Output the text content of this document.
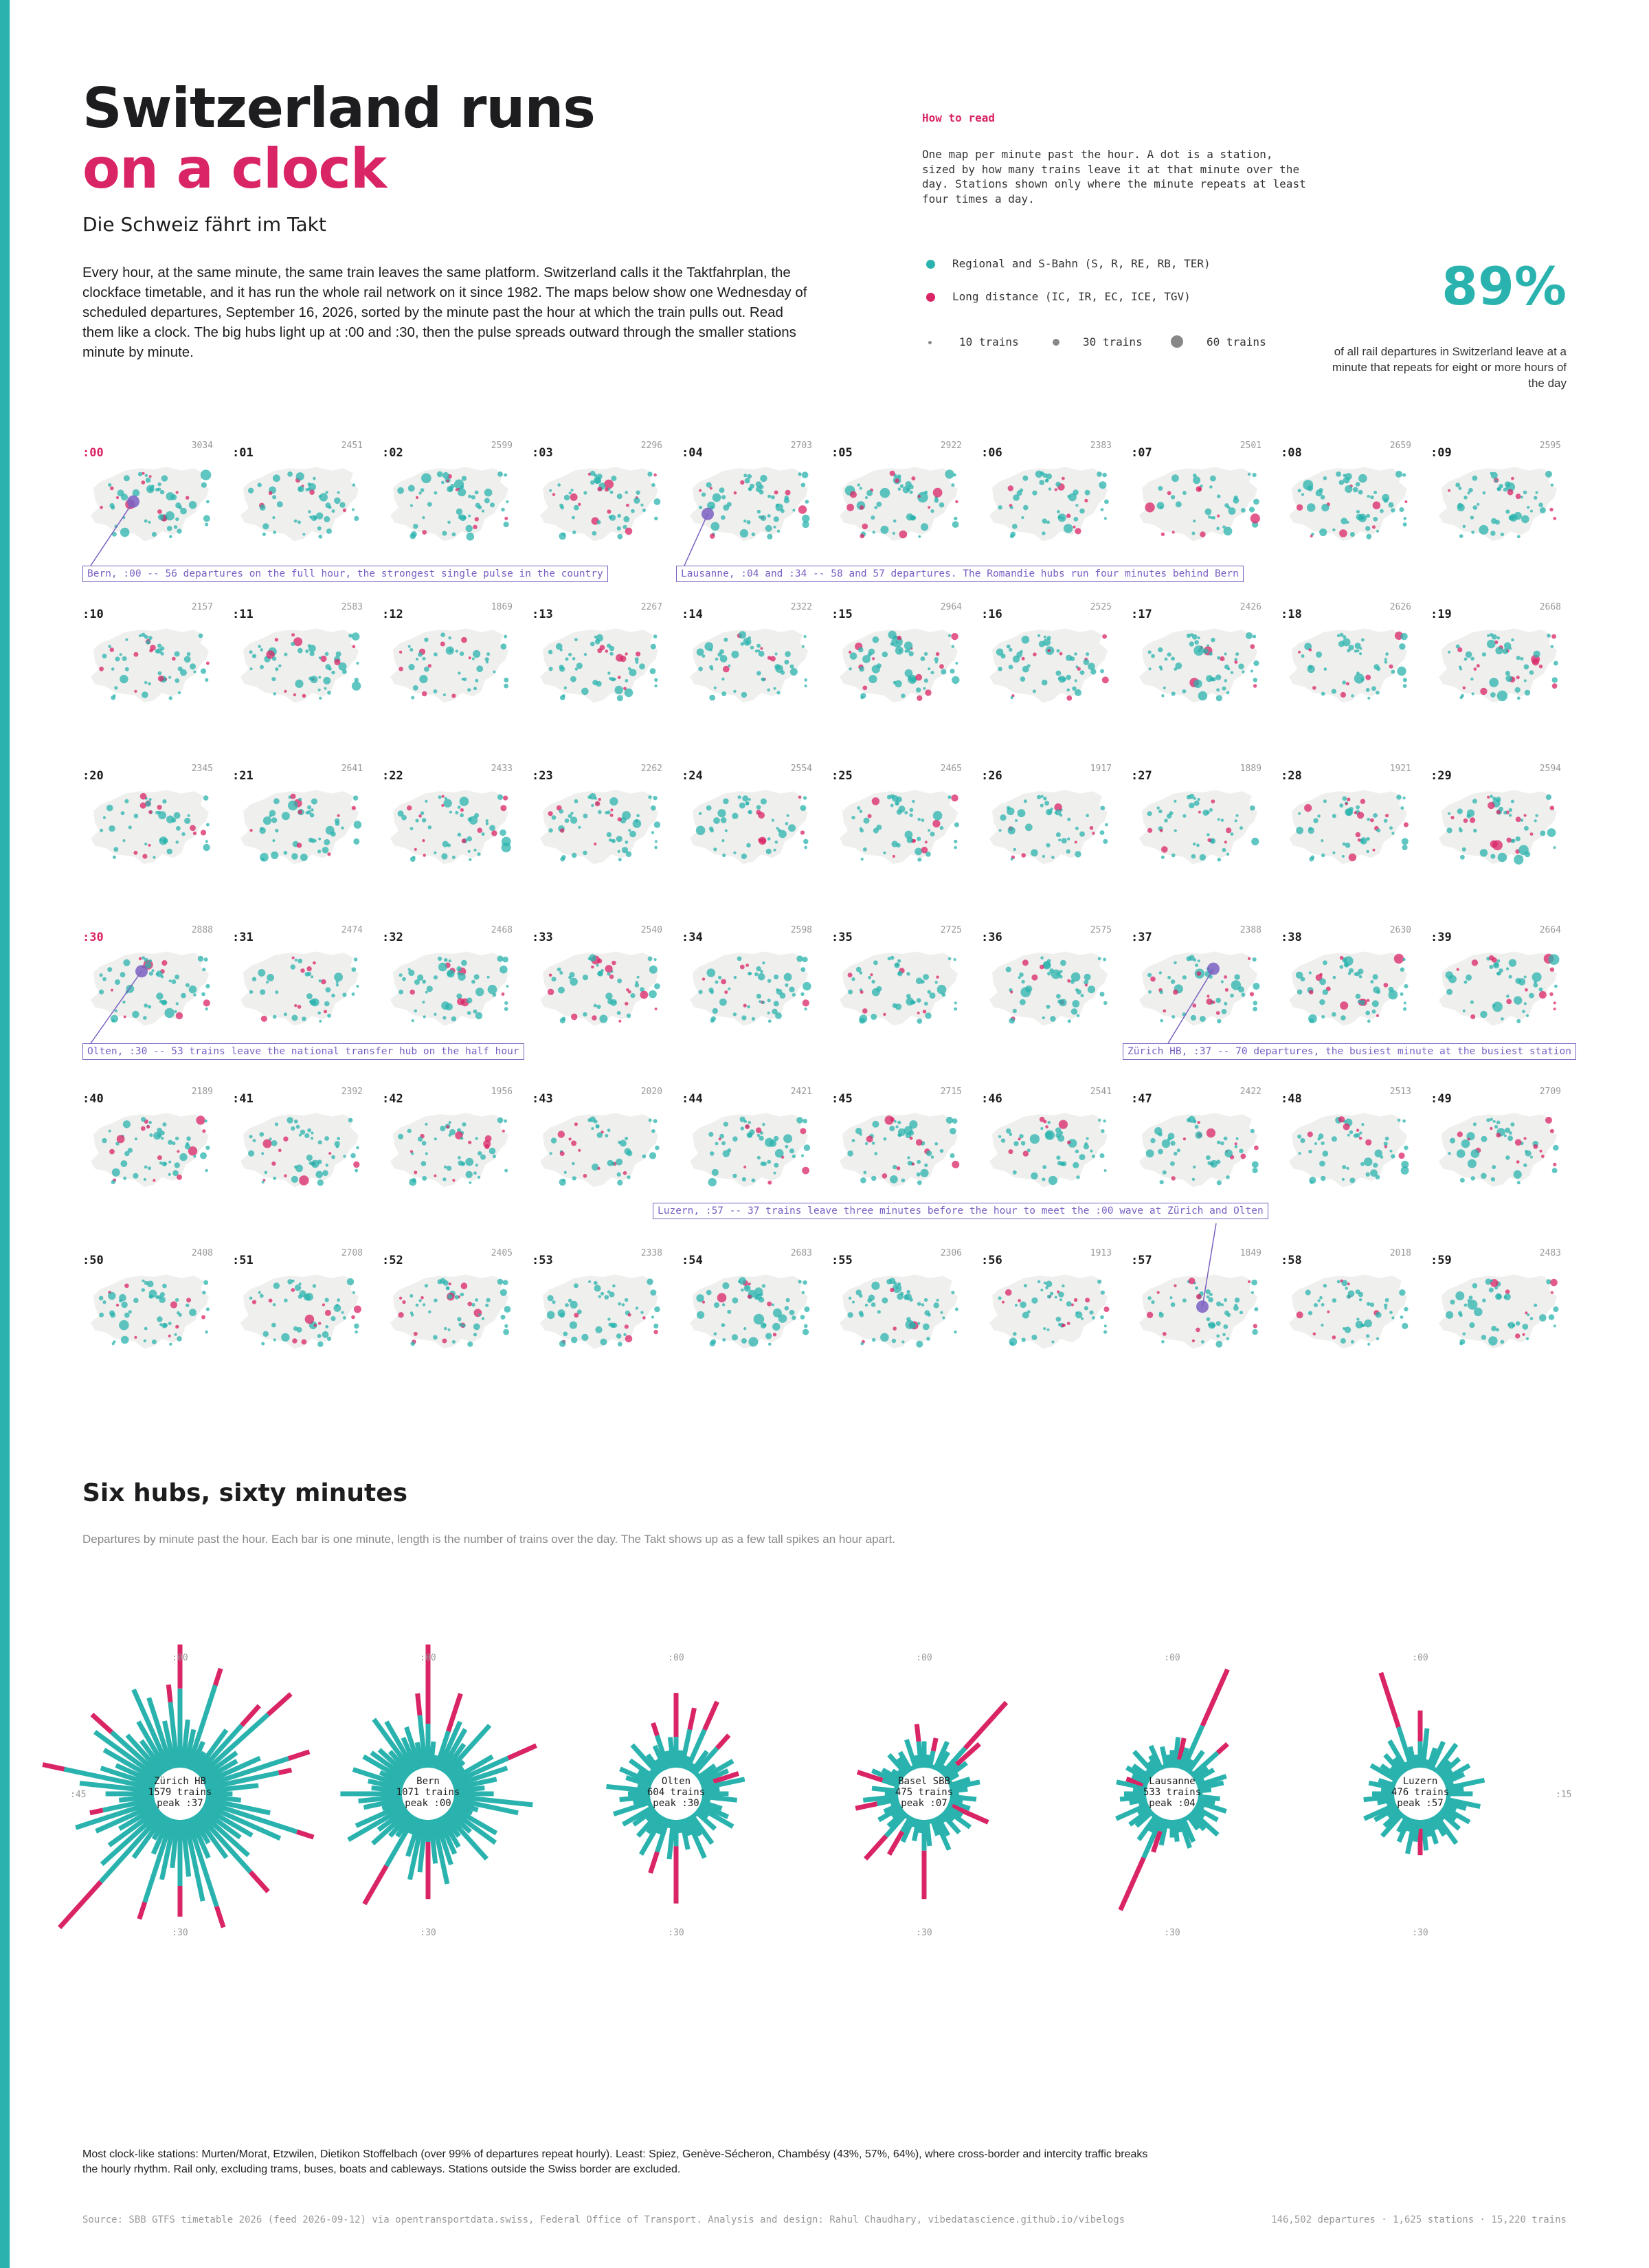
Switzerland runs
on a clock
Die Schweiz fährt im Takt
Every hour, at the same minute, the same train leaves the same platform. Switzerland calls it the Taktfahrplan, the clockface timetable, and it has run the whole rail network on it since 1982. The maps below show one Wednesday of scheduled departures, September 16, 2026, sorted by the minute past the hour at which the train pulls out. Read them like a clock. The big hubs light up at :00 and :30, then the pulse spreads outward through the smaller stations minute by minute.
How to read
One map per minute past the hour. A dot is a station, sized by how many trains leave it at that minute over the day. Stations shown only where the minute repeats at least four times a day.
Regional and S-Bahn (S, R, RE, RB, TER)
Long distance (IC, IR, EC, ICE, TGV)
10 trains	30 trains	60 trains
89%
of all rail departures in Switzerland leave at a minute that repeats for eight or more hours of the day
:00
3034
:01
2451
:02
2599
:03
2296
:04
2703
:05
2922
:06
2383
:07
2501
:08
2659
:09
2595
:10
2157
:11
2583
:12
1869
:13
2267
:14
2322
:15
2964
:16
2525
:17
2426
:18
2626
:19
2668
:20
2345
:21
2641
:22
2433
:23
2262
:24
2554
:25
2465
:26
1917
:27
1889
:28
1921
:29
2594
:30
2888
:31
2474
:32
2468
:33
2540
:34
2598
:35
2725
:36
2575
:37
2388
:38
2630
:39
2664
:40
2189
:41
2392
:42
1956
:43
2020
:44
2421
:45
2715
:46
2541
:47
2422
:48
2513
:49
2709
:50
2408
:51
2708
:52
2405
:53
2338
:54
2683
:55
2306
:56
1913
:57
1849
:58
2018
:59
2483
Bern, :00 -- 56 departures on the full hour, the strongest single pulse in the country	Lausanne, :04 and :34 -- 58 and 57 departures. The Romandie hubs run four minutes behind Bern
Olten, :30 -- 53 trains leave the national transfer hub on the half hour	Zürich HB, :37 -- 70 departures, the busiest minute at the busiest station
Luzern, :57 -- 37 trains leave three minutes before the hour to meet the :00 wave at Zürich and Olten
Six hubs, sixty minutes
Departures by minute past the hour. Each bar is one minute, length is the number of trains over the day. The Takt shows up as a few tall spikes an hour apart.
Zürich HB
1579 trains
peak :37
:00
:30
Bern
1071 trains
peak :00
:00
:30
Olten
604 trains
peak :30
:00
:30
Basel SBB
475 trains
peak :07
:00
:30
Lausanne
533 trains
peak :04
:00
:30
Luzern
476 trains
peak :57
:00
:30
:45	:15
Most clock-like stations: Murten/Morat, Etzwilen, Dietikon Stoffelbach (over 99% of departures repeat hourly). Least: Spiez, Genève-Sécheron, Chambésy (43%, 57%, 64%), where cross-border and intercity traffic breaks the hourly rhythm. Rail only, excluding trams, buses, boats and cableways. Stations outside the Swiss border are excluded.
Source: SBB GTFS timetable 2026 (feed 2026-09-12) via opentransportdata.swiss, Federal Office of Transport. Analysis and design: Rahul Chaudhary, vibedatascience.github.io/vibelogs	146,502 departures · 1,625 stations · 15,220 trains
